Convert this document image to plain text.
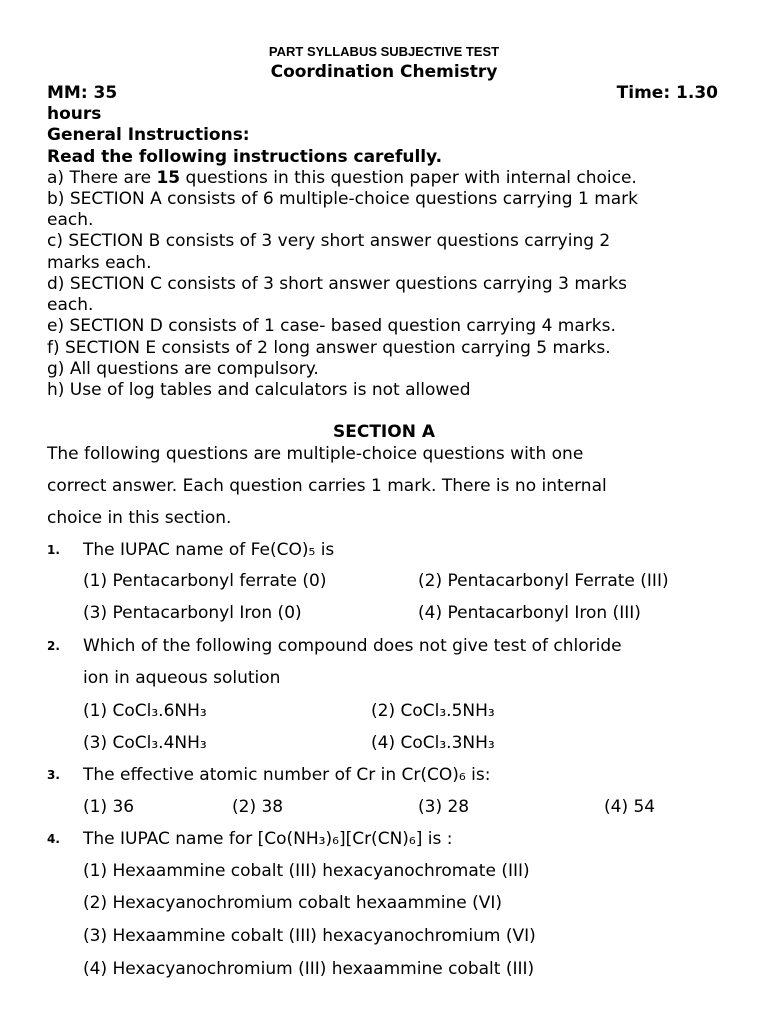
PART SYLLABUS SUBJECTIVE TEST
Coordination Chemistry
MM: 35	Time: 1.30
hours
General Instructions:
Read the following instructions carefully.
a) There are 15 questions in this question paper with internal choice.
b) SECTION A consists of 6 multiple-choice questions carrying 1 mark
each.
c) SECTION B consists of 3 very short answer questions carrying 2
marks each.
d) SECTION C consists of 3 short answer questions carrying 3 marks
each.
e) SECTION D consists of 1 case- based question carrying 4 marks.
f) SECTION E consists of 2 long answer question carrying 5 marks.
g) All questions are compulsory.
h) Use of log tables and calculators is not allowed
SECTION A
The following questions are multiple-choice questions with one
correct answer. Each question carries 1 mark. There is no internal
choice in this section.
1. The IUPAC name of Fe(CO)₅ is
(1) Pentacarbonyl ferrate (0)	(2) Pentacarbonyl Ferrate (III)
(3) Pentacarbonyl Iron (0)	(4) Pentacarbonyl Iron (III)
2. Which of the following compound does not give test of chloride
ion in aqueous solution
(1) CoCl₃.6NH₃	(2) CoCl₃.5NH₃
(3) CoCl₃.4NH₃	(4) CoCl₃.3NH₃
3. The effective atomic number of Cr in Cr(CO)₆ is:
(1) 36	(2) 38	(3) 28	(4) 54
4. The IUPAC name for [Co(NH₃)₆][Cr(CN)₆] is :
(1) Hexaammine cobalt (III) hexacyanochromate (III)
(2) Hexacyanochromium cobalt hexaammine (VI)
(3) Hexaammine cobalt (III) hexacyanochromium (VI)
(4) Hexacyanochromium (III) hexaammine cobalt (III)
